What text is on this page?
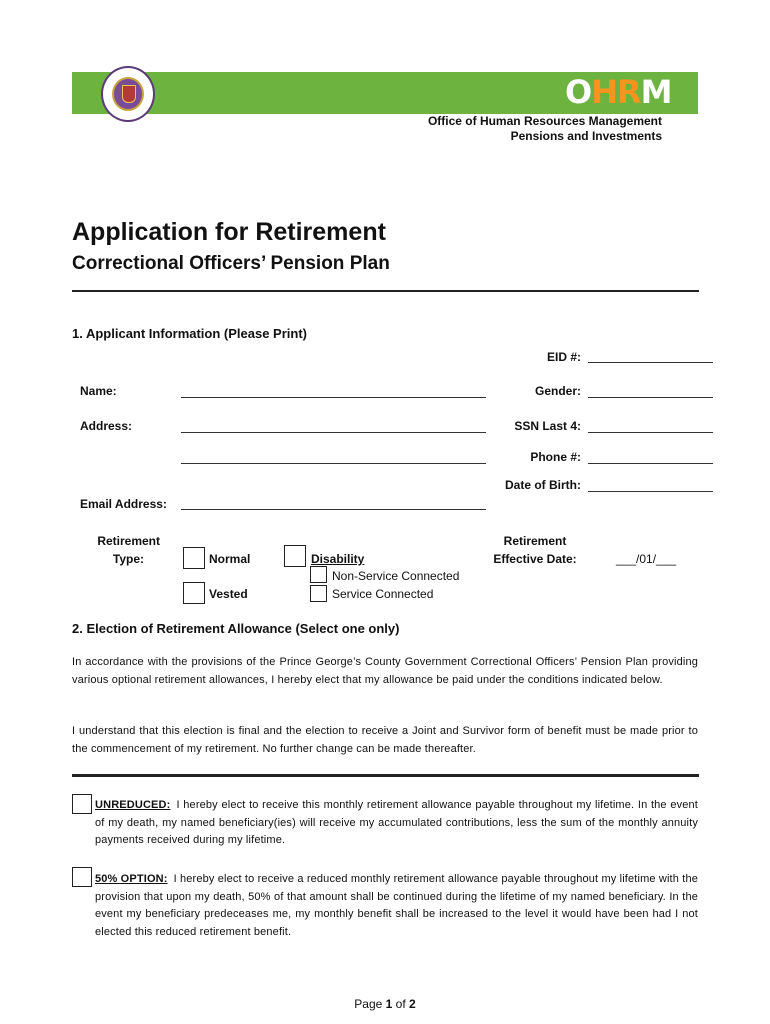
OHRM
Office of Human Resources Management
Pensions and Investments
Application for Retirement
Correctional Officers’ Pension Plan
1. Applicant Information (Please Print)
EID #:
Name:	Gender:
Address:	SSN Last 4:
Phone #:
Date of Birth:
Email Address:
Retirement
Type:	Normal
Vested
Disability
Non-Service Connected
Service Connected
Retirement
Effective Date:	___/01/___
2. Election of Retirement Allowance (Select one only)
In accordance with the provisions of the Prince George’s County Government Correctional Officers’ Pension Plan providing various optional retirement allowances, I hereby elect that my allowance be paid under the conditions indicated below.
I understand that this election is final and the election to receive a Joint and Survivor form of benefit must be made prior to the commencement of my retirement. No further change can be made thereafter.
UNREDUCED: I hereby elect to receive this monthly retirement allowance payable throughout my lifetime. In the event of my death, my named beneficiary(ies) will receive my accumulated contributions, less the sum of the monthly annuity payments received during my lifetime.
50% OPTION: I hereby elect to receive a reduced monthly retirement allowance payable throughout my lifetime with the provision that upon my death, 50% of that amount shall be continued during the lifetime of my named beneficiary. In the event my beneficiary predeceases me, my monthly benefit shall be increased to the level it would have been had I not elected this reduced retirement benefit.
Page 1 of 2
